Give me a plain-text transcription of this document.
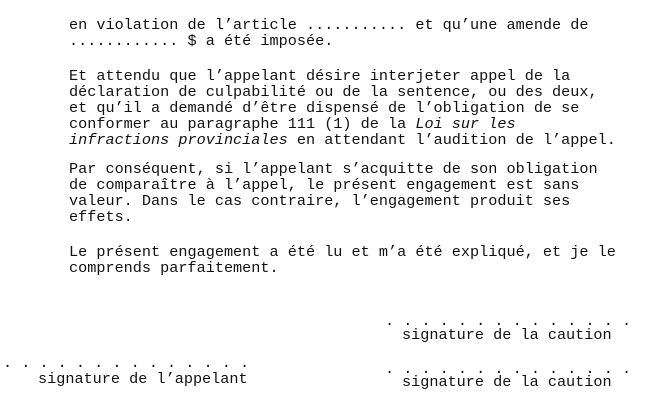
en violation de l’article ........... et qu’une amende de
............ $ a été imposée.
Et attendu que l’appelant désire interjeter appel de la
déclaration de culpabilité ou de la sentence, ou des deux,
et qu’il a demandé d’être dispensé de l’obligation de se
conformer au paragraphe 111 (1) de la Loi sur les
infractions provinciales en attendant l’audition de l’appel.
Par conséquent, si l’appelant s’acquitte de son obligation
de comparaître à l’appel, le présent engagement est sans
valeur. Dans le cas contraire, l’engagement produit ses
effets.
Le présent engagement a été lu et m’a été expliqué, et je le
comprends parfaitement.
. . . . . . . . . . . . . .
signature de la caution
. . . . . . . . . . . . . .
signature de l’appelant
. . . . . . . . . . . . . .
signature de la caution
